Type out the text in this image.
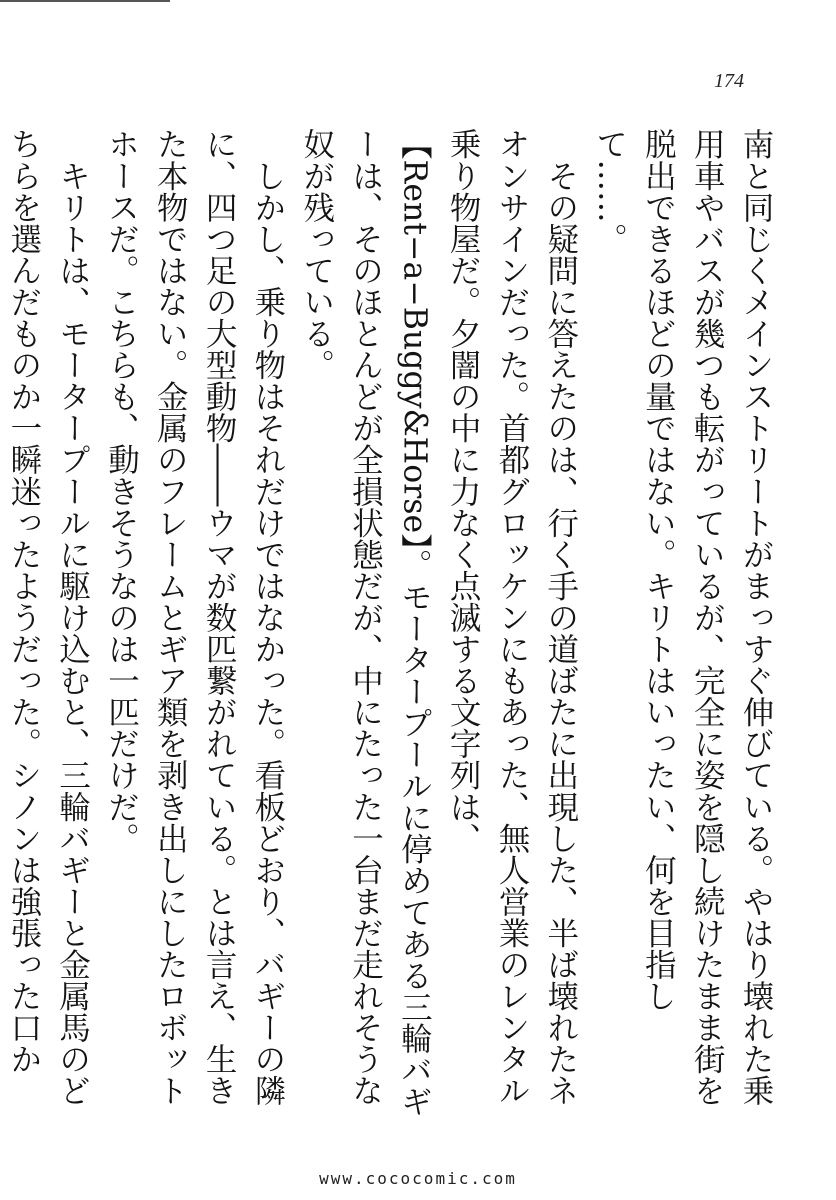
174

南と同じくメインストリートがまっすぐ伸びている。やはり壊れた乗用車やバスが幾つも転がっているが、完全に姿を隠し続けたまま街を脱出できるほどの量ではない。キリトはいったい、何を目指して……。

その疑問に答えたのは、行く手の道ばたに出現した、半ば壊れたネオンサインだった。首都グロッケンにもあった、無人営業のレンタル乗り物屋だ。夕闇の中に力なく点滅する文字列は、【Rent−a−Buggy&Horse】。モータープールに停めてある三輪バギーは、そのほとんどが全損状態だが、中にたった一台まだ走れそうな奴が残っている。

しかし、乗り物はそれだけではなかった。看板どおり、バギーの隣に、四つ足の大型動物――ウマが数匹繋がれている。とは言え、生きた本物ではない。金属のフレームとギア類を剥き出しにしたロボットホースだ。こちらも、動きそうなのは一匹だけだ。

キリトは、モータープールに駆け込むと、三輪バギーと金属馬のどちらを選んだものか一瞬迷ったようだった。シノンは強張った口か

www.cococomic.com
